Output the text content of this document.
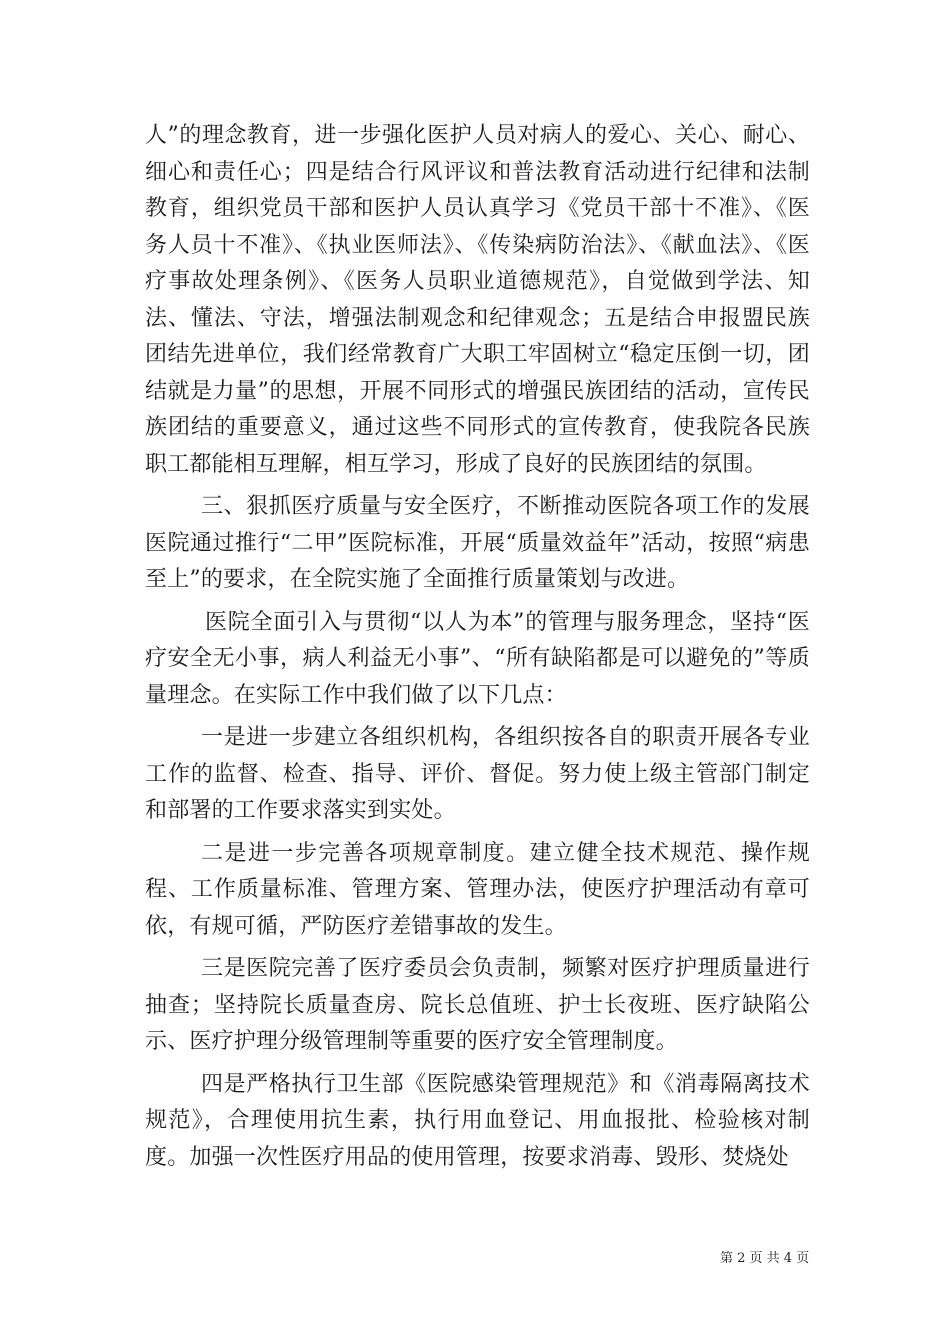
人”的理念教育，进一步强化医护人员对病人的爱心、关心、耐心、细心和责任心；四是结合行风评议和普法教育活动进行纪律和法制教育，组织党员干部和医护人员认真学习《党员干部十不准》、《医务人员十不准》、《执业医师法》、《传染病防治法》、《献血法》、《医疗事故处理条例》、《医务人员职业道德规范》，自觉做到学法、知法、懂法、守法，增强法制观念和纪律观念；五是结合申报盟民族团结先进单位，我们经常教育广大职工牢固树立“稳定压倒一切，团结就是力量”的思想，开展不同形式的增强民族团结的活动，宣传民族团结的重要意义，通过这些不同形式的宣传教育，使我院各民族职工都能相互理解，相互学习，形成了良好的民族团结的氛围。

三、狠抓医疗质量与安全医疗，不断推动医院各项工作的发展医院通过推行“二甲”医院标准，开展“质量效益年”活动，按照“病患至上”的要求，在全院实施了全面推行质量策划与改进。

医院全面引入与贯彻“以人为本”的管理与服务理念，坚持“医疗安全无小事，病人利益无小事”、“所有缺陷都是可以避免的”等质量理念。在实际工作中我们做了以下几点：

一是进一步建立各组织机构，各组织按各自的职责开展各专业工作的监督、检查、指导、评价、督促。努力使上级主管部门制定和部署的工作要求落实到实处。

二是进一步完善各项规章制度。建立健全技术规范、操作规程、工作质量标准、管理方案、管理办法，使医疗护理活动有章可依，有规可循，严防医疗差错事故的发生。

三是医院完善了医疗委员会负责制，频繁对医疗护理质量进行抽查；坚持院长质量查房、院长总值班、护士长夜班、医疗缺陷公示、医疗护理分级管理制等重要的医疗安全管理制度。

四是严格执行卫生部《医院感染管理规范》和《消毒隔离技术规范》，合理使用抗生素，执行用血登记、用血报批、检验核对制度。加强一次性医疗用品的使用管理，按要求消毒、毁形、焚烧处

第 2 页 共 4 页
